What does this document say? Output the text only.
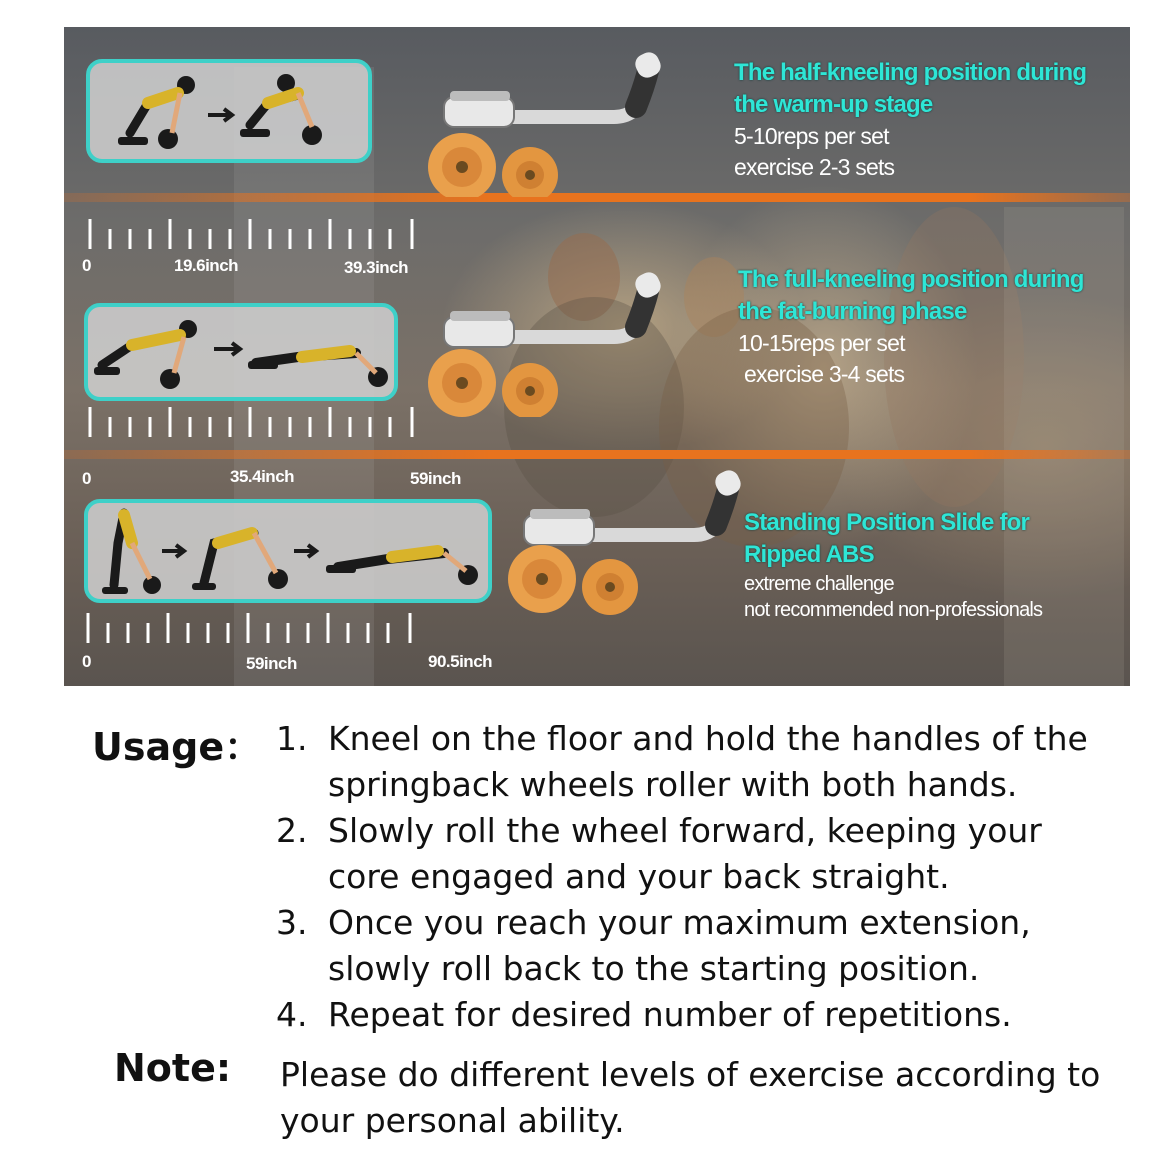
0	19.6inch	39.3inch
0	35.4inch	59inch
0	59inch	90.5inch
The half-kneeling position during the warm-up stage
5-10reps per set
exercise 2-3 sets
The full-kneeling position during the fat-burning phase
10-15reps per set
exercise 3-4 sets
Standing Position Slide for Ripped ABS
extreme challenge
not recommended non-professionals
Usage： 1. Kneel on the floor and hold the handles of the springback wheels roller with both hands.
2. Slowly roll the wheel forward, keeping your core engaged and your back straight.
3. Once you reach your maximum extension, slowly roll back to the starting position.
4. Repeat for desired number of repetitions.
Note: Please do different levels of exercise according to your personal ability.
